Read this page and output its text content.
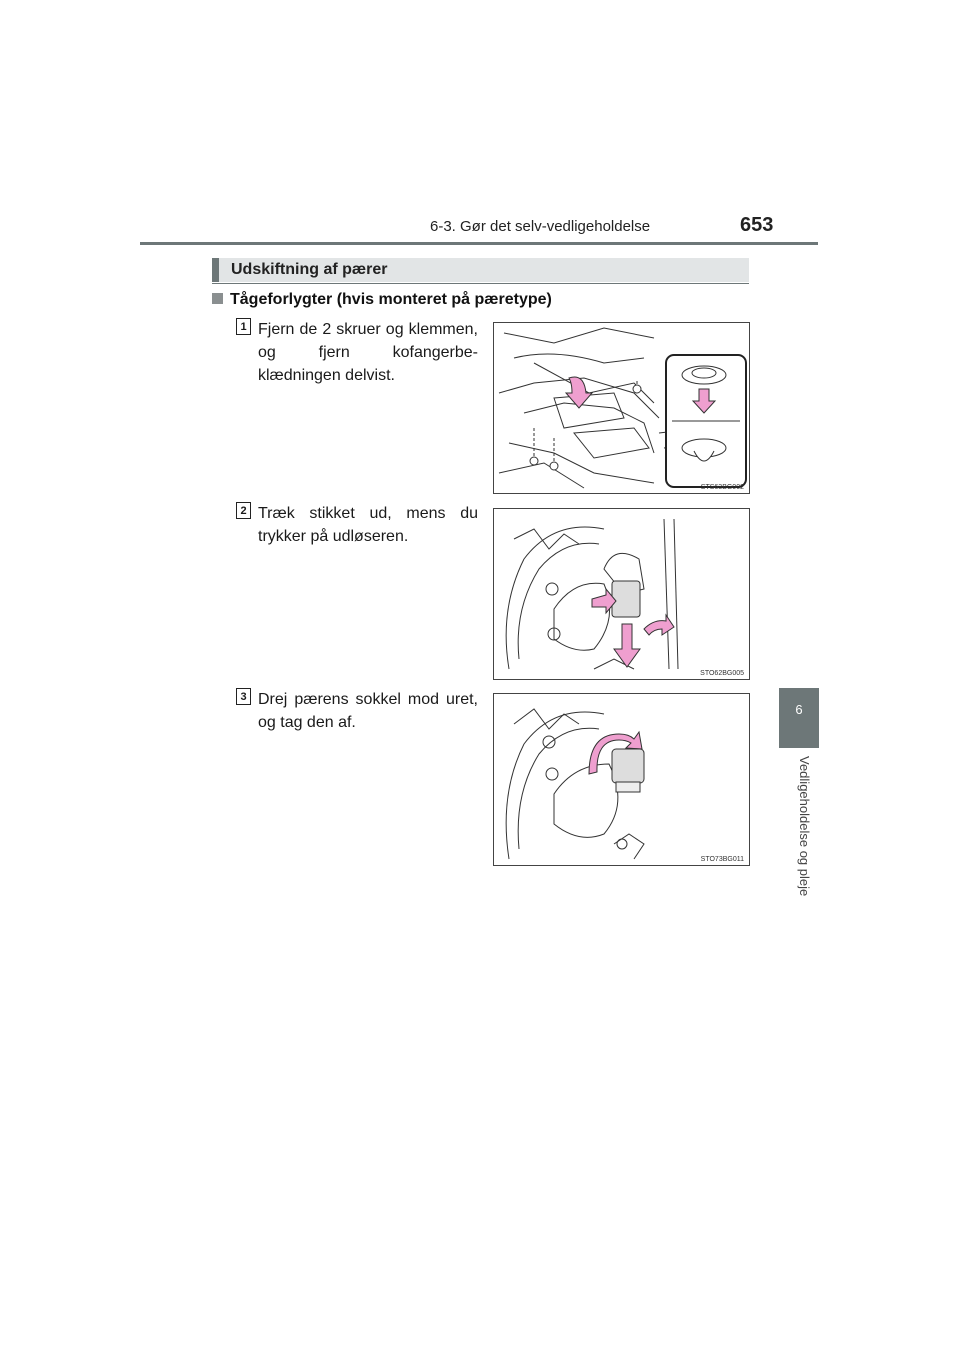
6-3. Gør det selv-vedligeholdelse	653
6
Vedligeholdelse og pleje
Udskiftning af pærer
Tågeforlygter (hvis monteret på pæretype)
1 Fjern de 2 skruer og klemmen, og fjern kofangerbeklædningen delvist.
STS63BG002
2 Træk stikket ud, mens du trykker på udløseren.
STO62BG005
3 Drej pærens sokkel mod uret, og tag den af.
STO73BG011
